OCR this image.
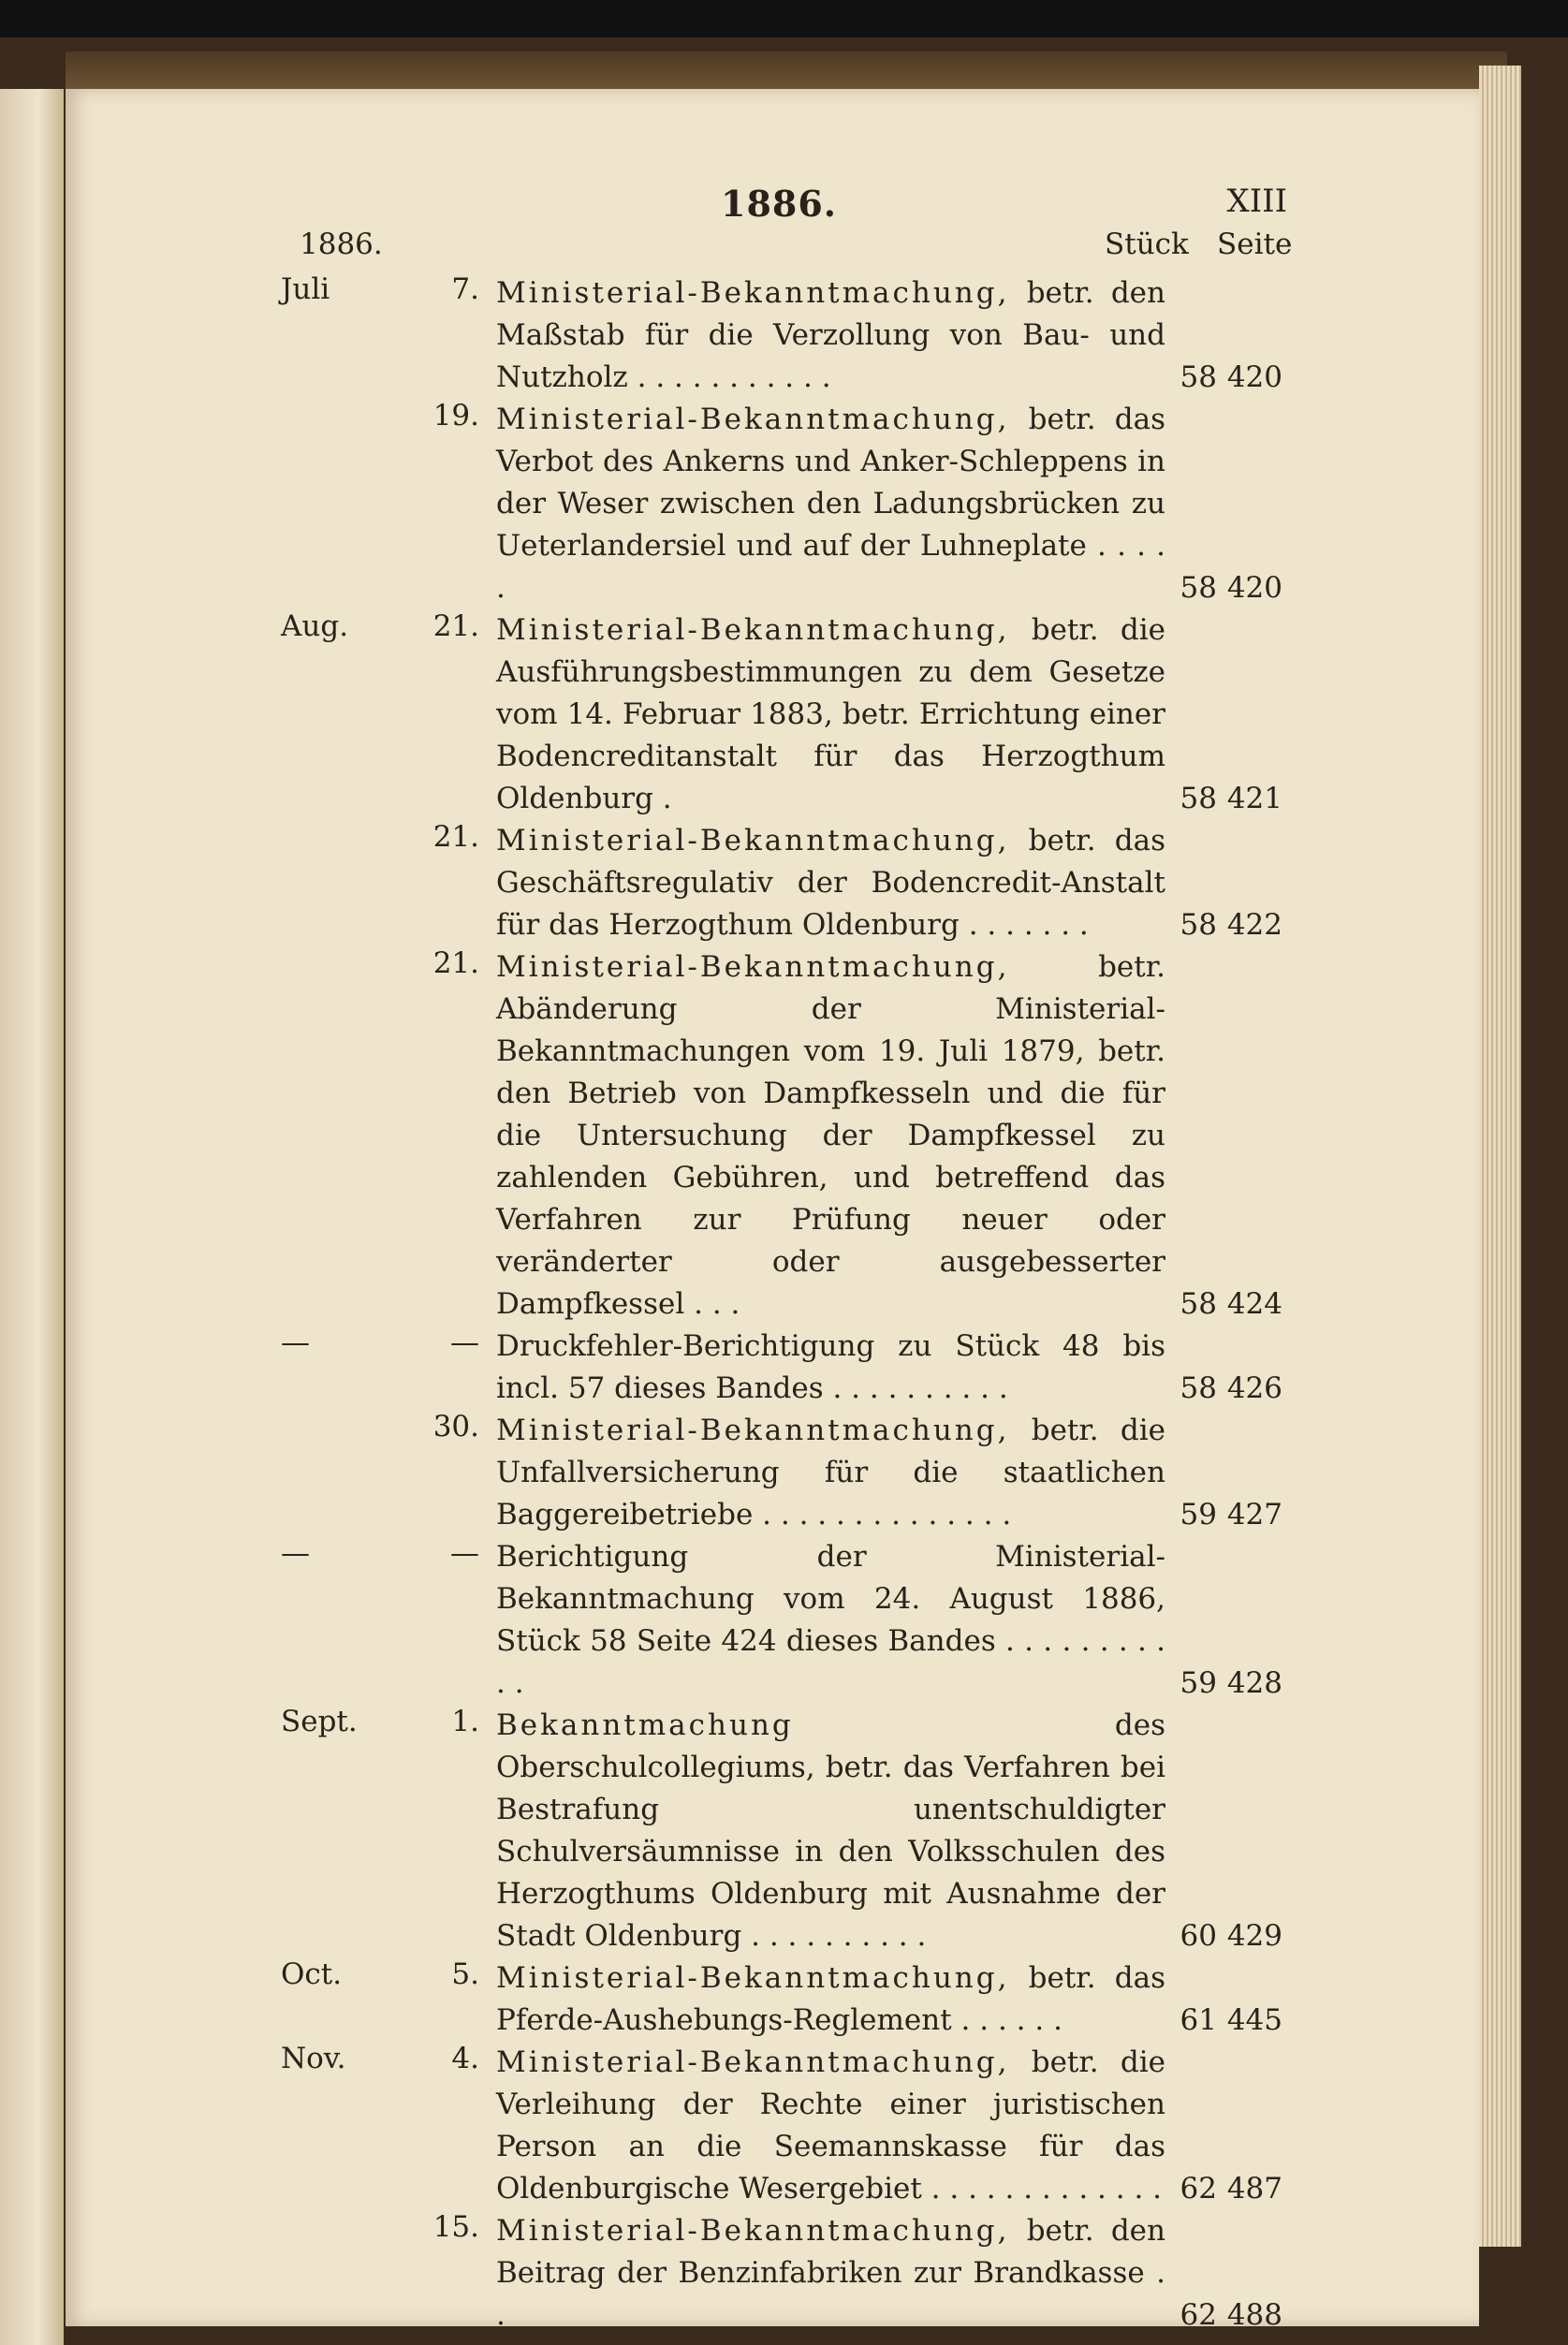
1886.	XIII
1886.	Stück Seite
Juli	7. Ministerial-Bekanntmachung, betr. den Maßstab für die Verzollung von Bau- und Nutzholz . . . . . . . . . . .	58 420
19. Ministerial-Bekanntmachung, betr. das Verbot des Ankerns und Anker-Schleppens in der Weser zwischen den Ladungsbrücken zu Ueterlandersiel und auf der Luhneplate . . . . .	58 420
Aug.	21. Ministerial-Bekanntmachung, betr. die Ausführungsbestimmungen zu dem Gesetze vom 14. Februar 1883, betr. Errichtung einer Bodencreditanstalt für das Herzogthum Oldenburg .	58 421
21. Ministerial-Bekanntmachung, betr. das Geschäftsregulativ der Bodencredit-Anstalt für das Herzogthum Oldenburg . . . . . . .	58 422
21. Ministerial-Bekanntmachung,	betr. Abänderung der Ministerial-Bekanntmachungen vom 19. Juli 1879, betr. den Betrieb von Dampfkesseln und die für die Untersuchung der Dampfkessel zu zahlenden Gebühren, und betreffend das Verfahren zur Prüfung neuer oder veränderter oder ausgebesserter Dampfkessel . . .	58 424
—	— Druckfehler-Berichtigung zu Stück 48 bis incl. 57 dieses Bandes . . . . . . . . . .	58 426
30. Ministerial-Bekanntmachung, betr. die Unfallversicherung für die staatlichen Baggereibetriebe . . . . . . . . . . . . . .	59 427
—	— Berichtigung der Ministerial-Bekanntmachung vom 24. August 1886, Stück 58 Seite 424 dieses Bandes . . . . . . . . . . .	59 428
Sept.	1. Bekanntmachung	des Oberschulcollegiums, betr. das Verfahren bei Bestrafung unentschuldigter Schulversäumnisse in den Volksschulen des Herzogthums Oldenburg mit Ausnahme der Stadt Oldenburg . . . . . . . . . .	60 429
Oct.	5. Ministerial-Bekanntmachung, betr. das Pferde-Aushebungs-Reglement . . . . . .	61 445
Nov.	4. Ministerial-Bekanntmachung, betr. die Verleihung der Rechte einer juristischen Person an die Seemannskasse für das Oldenburgische Wesergebiet . . . . . . . . . . . . . 62 487
15. Ministerial-Bekanntmachung, betr. den Beitrag der Benzinfabriken zur Brandkasse . .	62 488
